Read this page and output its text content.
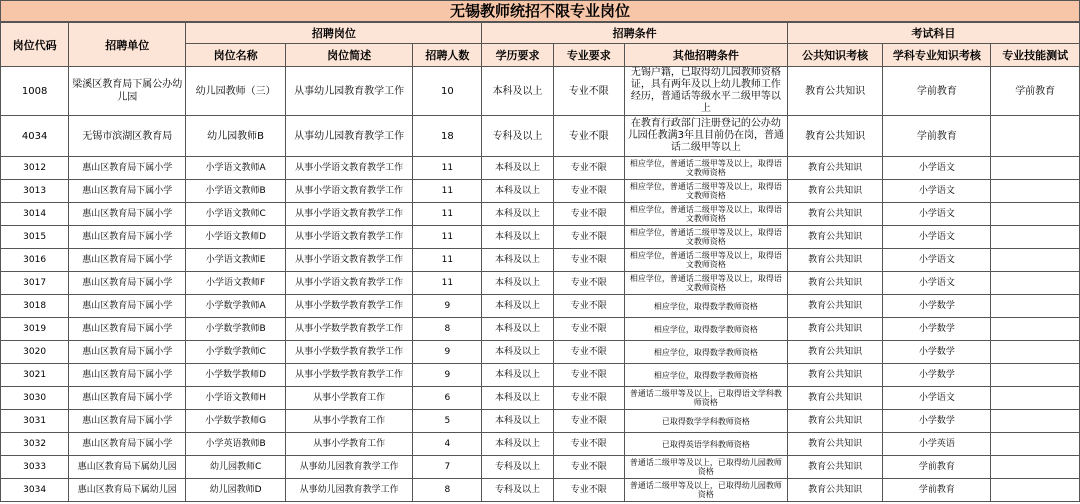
无锡教师统招不限专业岗位
岗位代码	招聘单位	招聘岗位			招聘条件			考试科目		
		岗位名称	岗位简述	招聘人数	学历要求	专业要求	其他招聘条件	公共知识考核	学科专业知识考核	专业技能测试
1008	梁溪区教育局下属公办幼儿园	幼儿园教师（三）	从事幼儿园教育教学工作	10	本科及以上	专业不限	无锡户籍，已取得幼儿园教师资格证，具有两年及以上幼儿教师工作经历，普通话等级水平二级甲等以上	教育公共知识	学前教育	学前教育
4034	无锡市滨湖区教育局	幼儿园教师B	从事幼儿园教育教学工作	18	专科及以上	专业不限	在教育行政部门注册登记的公办幼儿园任教满3年且目前仍在岗，普通话二级甲等以上	教育公共知识	学前教育	
3012	惠山区教育局下属小学	小学语文教师A	从事小学语文教育教学工作	11	本科及以上	专业不限	相应学位，普通话二级甲等及以上，取得语文教师资格	教育公共知识	小学语文	
3013	惠山区教育局下属小学	小学语文教师B	从事小学语文教育教学工作	11	本科及以上	专业不限	相应学位，普通话二级甲等及以上，取得语文教师资格	教育公共知识	小学语文	
3014	惠山区教育局下属小学	小学语文教师C	从事小学语文教育教学工作	11	本科及以上	专业不限	相应学位，普通话二级甲等及以上，取得语文教师资格	教育公共知识	小学语文	
3015	惠山区教育局下属小学	小学语文教师D	从事小学语文教育教学工作	11	本科及以上	专业不限	相应学位，普通话二级甲等及以上，取得语文教师资格	教育公共知识	小学语文	
3016	惠山区教育局下属小学	小学语文教师E	从事小学语文教育教学工作	11	本科及以上	专业不限	相应学位，普通话二级甲等及以上，取得语文教师资格	教育公共知识	小学语文	
3017	惠山区教育局下属小学	小学语文教师F	从事小学语文教育教学工作	11	本科及以上	专业不限	相应学位，普通话二级甲等及以上，取得语文教师资格	教育公共知识	小学语文	
3018	惠山区教育局下属小学	小学数学教师A	从事小学数学教育教学工作	9	本科及以上	专业不限	相应学位，取得数学教师资格	教育公共知识	小学数学	
3019	惠山区教育局下属小学	小学数学教师B	从事小学数学教育教学工作	8	本科及以上	专业不限	相应学位，取得数学教师资格	教育公共知识	小学数学	
3020	惠山区教育局下属小学	小学数学教师C	从事小学数学教育教学工作	9	本科及以上	专业不限	相应学位，取得数学教师资格	教育公共知识	小学数学	
3021	惠山区教育局下属小学	小学数学教师D	从事小学数学教育教学工作	9	本科及以上	专业不限	相应学位，取得数学教师资格	教育公共知识	小学数学	
3030	惠山区教育局下属小学	小学语文教师H	从事小学教育工作	6	本科及以上	专业不限	普通话二级甲等及以上，已取得语文学科教师资格	教育公共知识	小学语文	
3031	惠山区教育局下属小学	小学数学教师G	从事小学教育工作	5	本科及以上	专业不限	已取得数学学科教师资格	教育公共知识	小学数学	
3032	惠山区教育局下属小学	小学英语教师B	从事小学教育工作	4	本科及以上	专业不限	已取得英语学科教师资格	教育公共知识	小学英语	
3033	惠山区教育局下属幼儿园	幼儿园教师C	从事幼儿园教育教学工作	7	专科及以上	专业不限	普通话二级甲等及以上，已取得幼儿园教师资格	教育公共知识	学前教育	
3034	惠山区教育局下属幼儿园	幼儿园教师D	从事幼儿园教育教学工作	8	专科及以上	专业不限	普通话二级甲等及以上，已取得幼儿园教师资格	教育公共知识	学前教育	
